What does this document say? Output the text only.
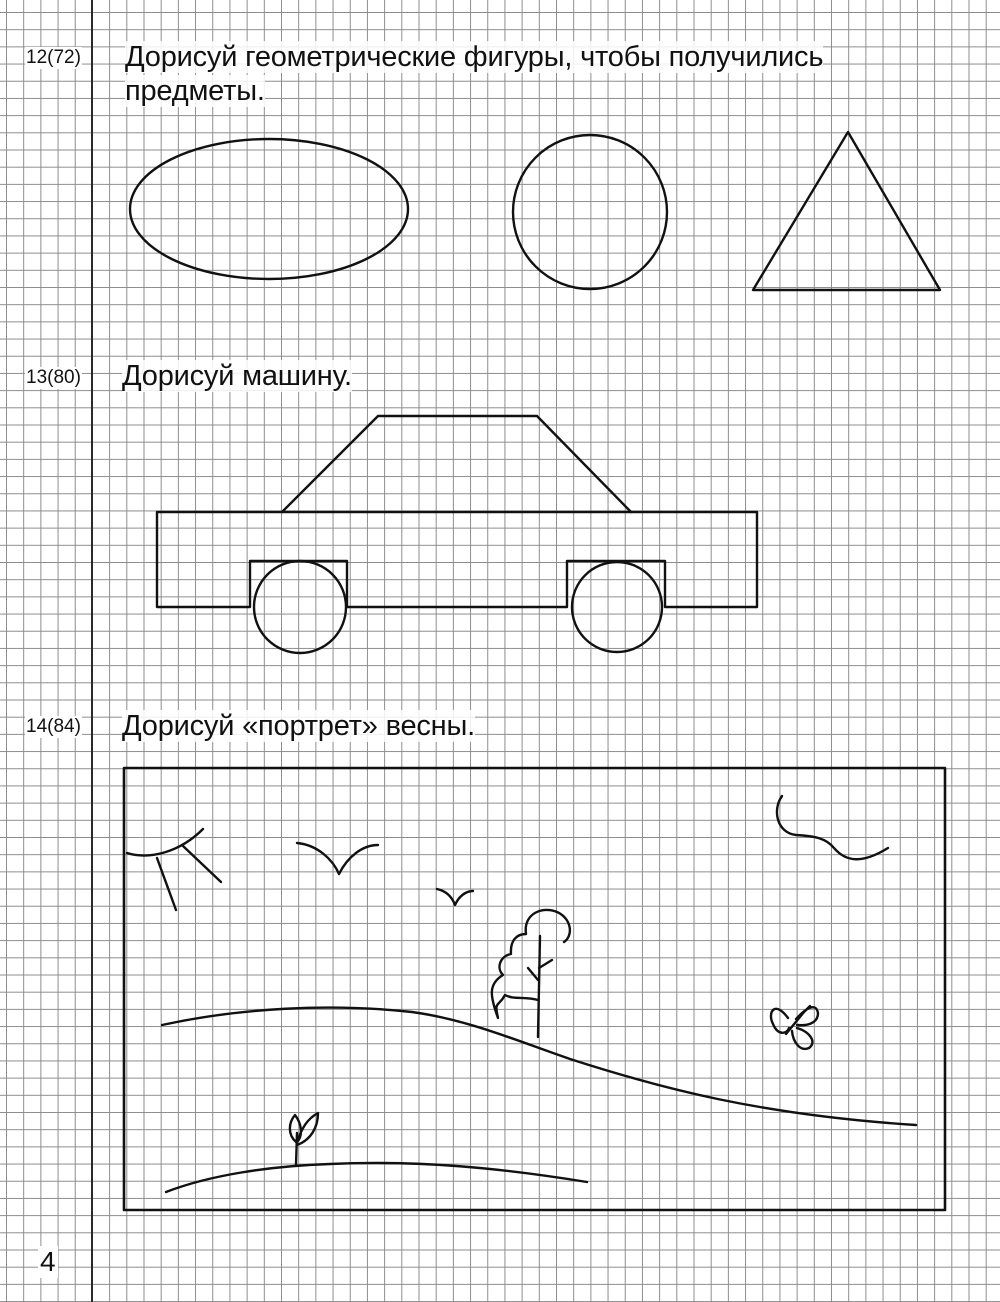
12(72) Дорисуй геометрические фигуры, чтобы получились
предметы.
13(80) Дорисуй машину.
14(84) Дорисуй «портрет» весны.
4
